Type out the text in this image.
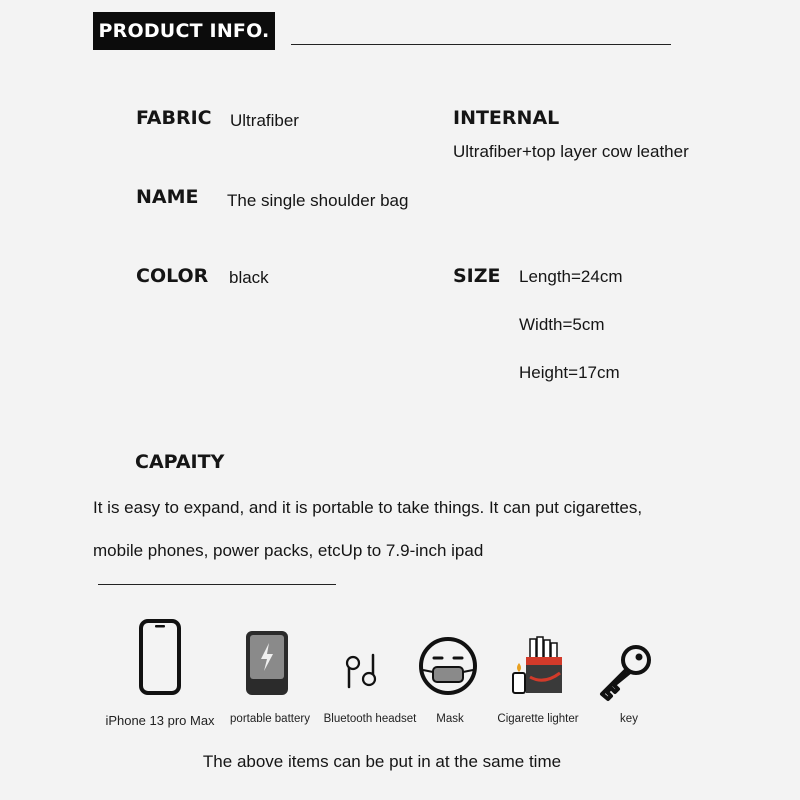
PRODUCT INFO.
FABRIC Ultrafiber	INTERNAL
Ultrafiber+top layer cow leather
NAME The single shoulder bag
COLOR black	SIZE Length=24cm
Width=5cm
Height=17cm
CAPAITY
It is easy to expand, and it is portable to take things. It can put cigarettes,
mobile phones, power packs, etcUp to 7.9-inch ipad
iPhone 13 pro Max	portable battery	Bluetooth headset	Mask	Cigarette lighter	key
The above items can be put in at the same time
